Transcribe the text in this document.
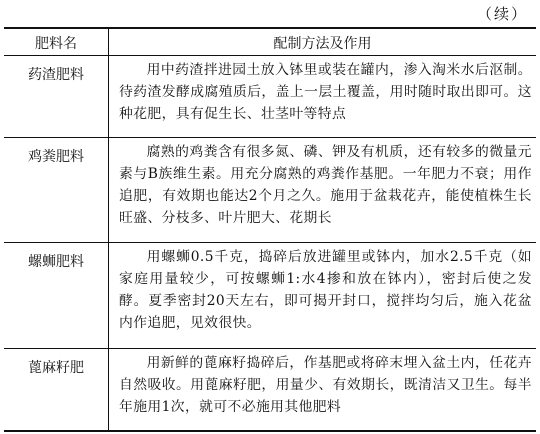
（续）
肥料名	配制方法及作用
药渣肥料	用中药渣拌进园土放入钵里或装在罐内，渗入淘米水后沤制。待药渣发酵成腐殖质后，盖上一层土覆盖，用时随时取出即可。这种花肥，具有促生长、壮茎叶等特点
鸡粪肥料	腐熟的鸡粪含有很多氮、磷、钾及有机质，还有较多的微量元素与B族维生素。用充分腐熟的鸡粪作基肥。一年肥力不衰；用作追肥，有效期也能达2个月之久。施用于盆栽花卉，能使植株生长旺盛、分枝多、叶片肥大、花期长
螺蛳肥料	用螺蛳0.5千克，捣碎后放进罐里或钵内，加水2.5千克（如家庭用量较少，可按螺蛳1:水4掺和放在钵内），密封后使之发酵。夏季密封20天左右，即可揭开封口，搅拌均匀后，施入花盆内作追肥，见效很快。
蓖麻籽肥	用新鲜的蓖麻籽捣碎后，作基肥或将碎末埋入盆土内，任花卉自然吸收。用蓖麻籽肥，用量少、有效期长，既清洁又卫生。每半年施用1次，就可不必施用其他肥料
